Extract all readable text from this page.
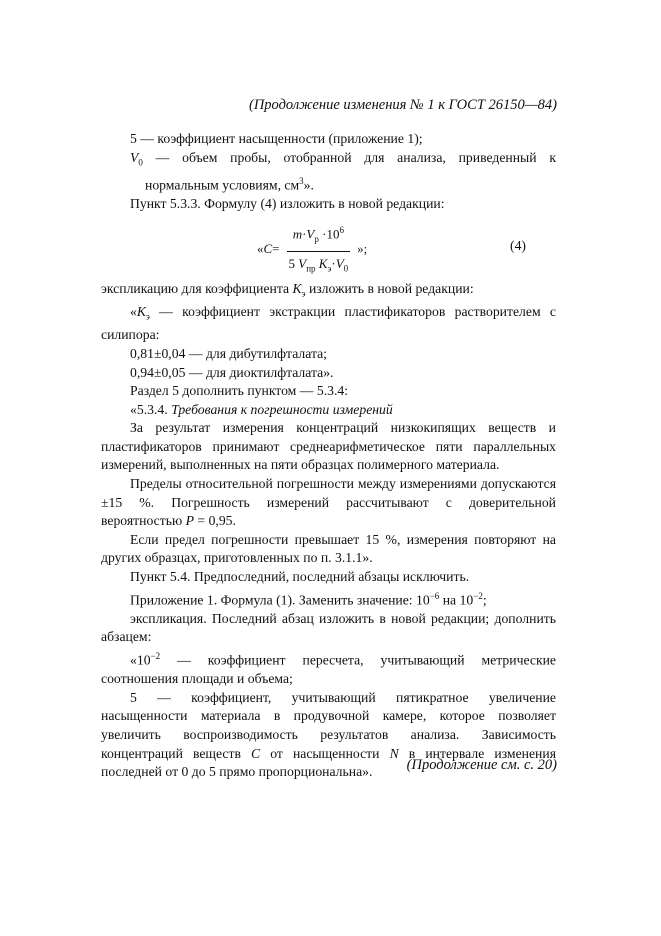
(Продолжение изменения № 1 к ГОСТ 26150—84)

5 — коэффициент насыщенности (приложение 1);

$V_0$ — объем пробы, отобранной для анализа, приведенный к нормальным условиям, $см^3$».

Пункт 5.3.3. Формулу (4) изложить в новой редакции:

« $C = \frac{m\cdot V_p \cdot 10^6}{5 V_{пр} K_э\cdot V_0}$ »;	(4)

экспликацию для коэффициента $K_э$ изложить в новой редакции:

«$K_э$ — коэффициент экстракции пластификаторов растворителем с силипора:

0,81±0,04 — для дибутилфталата;

0,94±0,05 — для диоктилфталата».

Раздел 5 дополнить пунктом — 5.3.4:

«5.3.4. Требования к погрешности измерений

За результат измерения концентраций низкокипящих веществ и пластификаторов принимают среднеарифметическое пяти параллельных измерений, выполненных на пяти образцах полимерного материала.

Пределы относительной погрешности между измерениями допускаются ±15 %. Погрешность измерений рассчитывают с доверительной вероятностью P = 0,95.

Если предел погрешности превышает 15 %, измерения повторяют на других образцах, приготовленных по п. 3.1.1».

Пункт 5.4. Предпоследний, последний абзацы исключить.

Приложение 1. Формула (1). Заменить значение: $10^{-6}$ на $10^{-2}$;

экспликация. Последний абзац изложить в новой редакции; дополнить абзацем:

«$10^{-2}$ — коэффициент пересчета, учитывающий метрические соотношения площади и объема;

5 — коэффициент, учитывающий пятикратное увеличение насыщенности материала в продувочной камере, которое позволяет увеличить воспроизводимость результатов анализа. Зависимость концентраций веществ C от насыщенности N в интервале изменения последней от 0 до 5 прямо пропорциональна».	(Продолжение см. с. 20)
